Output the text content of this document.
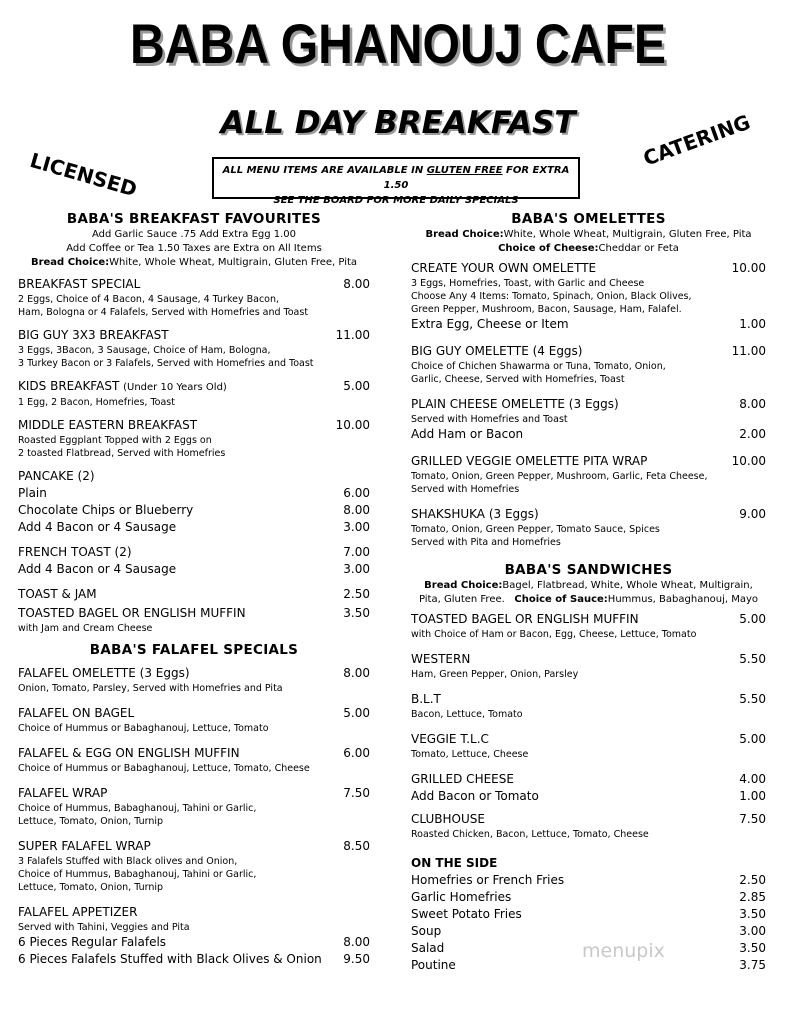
BABA GHANOUJ CAFE
ALL DAY BREAKFAST
LICENSED
CATERING
ALL MENU ITEMS ARE AVAILABLE IN GLUTEN FREE FOR EXTRA 1.50
SEE THE BOARD FOR MORE DAILY SPECIALS
BABA'S BREAKFAST FAVOURITES
Add Garlic Sauce .75 Add Extra Egg 1.00
Add Coffee or Tea 1.50 Taxes are Extra on All Items
Bread Choice:White, Whole Wheat, Multigrain, Gluten Free, Pita
BREAKFAST SPECIAL	8.00
2 Eggs, Choice of 4 Bacon, 4 Sausage, 4 Turkey Bacon,
Ham, Bologna or 4 Falafels, Served with Homefries and Toast
BIG GUY 3X3 BREAKFAST	11.00
3 Eggs, 3Bacon, 3 Sausage, Choice of Ham, Bologna,
3 Turkey Bacon or 3 Falafels, Served with Homefries and Toast
KIDS BREAKFAST (Under 10 Years Old)	5.00
1 Egg, 2 Bacon, Homefries, Toast
MIDDLE EASTERN BREAKFAST	10.00
Roasted Eggplant Topped with 2 Eggs on
2 toasted Flatbread, Served with Homefries
PANCAKE (2)
Plain	6.00
Chocolate Chips or Blueberry	8.00
Add 4 Bacon or 4 Sausage	3.00
FRENCH TOAST (2)	7.00
Add 4 Bacon or 4 Sausage	3.00
TOAST & JAM	2.50
TOASTED BAGEL OR ENGLISH MUFFIN	3.50
with Jam and Cream Cheese
BABA'S FALAFEL SPECIALS
FALAFEL OMELETTE (3 Eggs)	8.00
Onion, Tomato, Parsley, Served with Homefries and Pita
FALAFEL ON BAGEL	5.00
Choice of Hummus or Babaghanouj, Lettuce, Tomato
FALAFEL & EGG ON ENGLISH MUFFIN	6.00
Choice of Hummus or Babaghanouj, Lettuce, Tomato, Cheese
FALAFEL WRAP	7.50
Choice of Hummus, Babaghanouj, Tahini or Garlic,
Lettuce, Tomato, Onion, Turnip
SUPER FALAFEL WRAP	8.50
3 Falafels Stuffed with Black olives and Onion,
Choice of Hummus, Babaghanouj, Tahini or Garlic,
Lettuce, Tomato, Onion, Turnip
FALAFEL APPETIZER
Served with Tahini, Veggies and Pita
6 Pieces Regular Falafels	8.00
6 Pieces Falafels Stuffed with Black Olives & Onion 9.50
BABA'S OMELETTES
Bread Choice:White, Whole Wheat, Multigrain, Gluten Free, Pita
Choice of Cheese:Cheddar or Feta
CREATE YOUR OWN OMELETTE	10.00
3 Eggs, Homefries, Toast, with Garlic and Cheese
Choose Any 4 Items: Tomato, Spinach, Onion, Black Olives,
Green Pepper, Mushroom, Bacon, Sausage, Ham, Falafel.
Extra Egg, Cheese or Item	1.00
BIG GUY OMELETTE (4 Eggs)	11.00
Choice of Chichen Shawarma or Tuna, Tomato, Onion,
Garlic, Cheese, Served with Homefries, Toast
PLAIN CHEESE OMELETTE (3 Eggs)	8.00
Served with Homefries and Toast
Add Ham or Bacon	2.00
GRILLED VEGGIE OMELETTE PITA WRAP	10.00
Tomato, Onion, Green Pepper, Mushroom, Garlic, Feta Cheese,
Served with Homefries
SHAKSHUKA (3 Eggs)	9.00
Tomato, Onion, Green Pepper, Tomato Sauce, Spices
Served with Pita and Homefries
BABA'S SANDWICHES
Bread Choice:Bagel, Flatbread, White, Whole Wheat, Multigrain,
Pita, Gluten Free. Choice of Sauce:Hummus, Babaghanouj, Mayo
TOASTED BAGEL OR ENGLISH MUFFIN	5.00
with Choice of Ham or Bacon, Egg, Cheese, Lettuce, Tomato
WESTERN	5.50
Ham, Green Pepper, Onion, Parsley
B.L.T	5.50
Bacon, Lettuce, Tomato
VEGGIE T.L.C	5.00
Tomato, Lettuce, Cheese
GRILLED CHEESE	4.00
Add Bacon or Tomato	1.00
CLUBHOUSE	7.50
Roasted Chicken, Bacon, Lettuce, Tomato, Cheese
ON THE SIDE
Homefries or French Fries	2.50
Garlic Homefries	2.85
Sweet Potato Fries	3.50
Soup	3.00
Salad	3.50
Poutine	3.75
menupix
